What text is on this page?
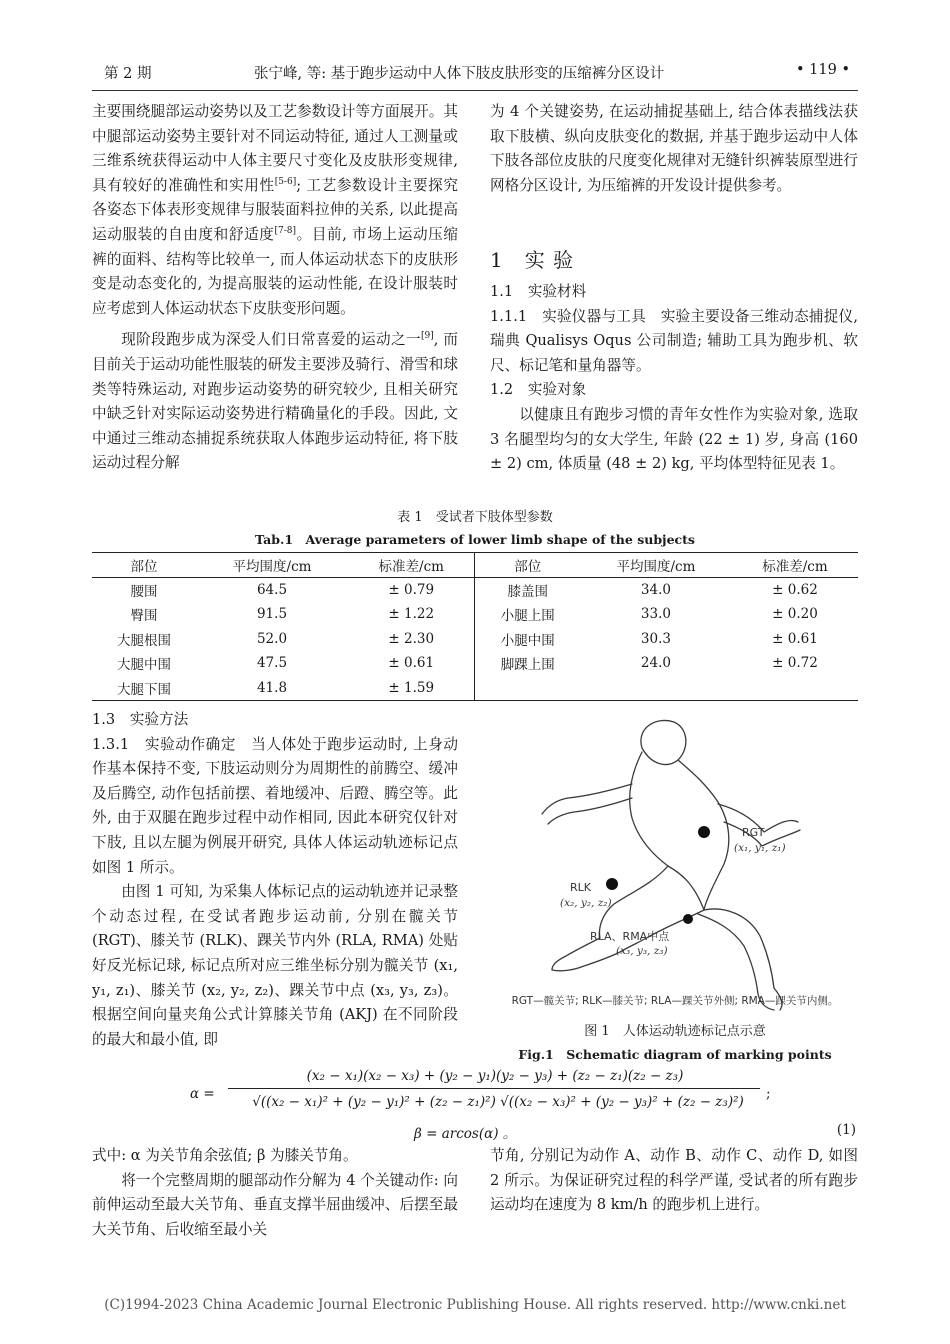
第 2 期	张宁峰, 等: 基于跑步运动中人体下肢皮肤形变的压缩裤分区设计	• 119 •

主要围绕腿部运动姿势以及工艺参数设计等方面展开。其中腿部运动姿势主要针对不同运动特征, 通过人工测量或三维系统获得运动中人体主要尺寸变化及皮肤形变规律, 具有较好的准确性和实用性[5-6]; 工艺参数设计主要探究各姿态下体表形变规律与服装面料拉伸的关系, 以此提高运动服装的自由度和舒适度[7-8]。目前, 市场上运动压缩裤的面料、结构等比较单一, 而人体运动状态下的皮肤形变是动态变化的, 为提高服装的运动性能, 在设计服装时应考虑到人体运动状态下皮肤变形问题。

现阶段跑步成为深受人们日常喜爱的运动之一[9], 而目前关于运动功能性服装的研发主要涉及骑行、滑雪和球类等特殊运动, 对跑步运动姿势的研究较少, 且相关研究中缺乏针对实际运动姿势进行精确量化的手段。因此, 文中通过三维动态捕捉系统获取人体跑步运动特征, 将下肢运动过程分解

为 4 个关键姿势, 在运动捕捉基础上, 结合体表描线法获取下肢横、纵向皮肤变化的数据, 并基于跑步运动中人体下肢各部位皮肤的尺度变化规律对无缝针织裤装原型进行网格分区设计, 为压缩裤的开发设计提供参考。

1　实 验

1.1　实验材料

1.1.1　实验仪器与工具　 实验主要设备三维动态捕捉仪, 瑞典 Qualisys Oqus 公司制造; 辅助工具为跑步机、软尺、标记笔和量角器等。

1.2　实验对象

以健康且有跑步习惯的青年女性作为实验对象, 选取 3 名腿型均匀的女大学生, 年龄 (22 ± 1) 岁, 身高 (160 ± 2) cm, 体质量 (48 ± 2) kg, 平均体型特征见表 1。

表 1　受试者下肢体型参数
Tab.1　Average parameters of lower limb shape of the subjects
部位	平均围度/cm	标准差/cm	部位	平均围度/cm	标准差/cm
腰围	64.5	± 0.79	膝盖围	34.0	± 0.62
臀围	91.5	± 1.22	小腿上围	33.0	± 0.20
大腿根围	52.0	± 2.30	小腿中围	30.3	± 0.61
大腿中围	47.5	± 0.61	脚踝上围	24.0	± 0.72
大腿下围	41.8	± 1.59			

1.3　实验方法

1.3.1　实验动作确定　 当人体处于跑步运动时, 上身动作基本保持不变, 下肢运动则分为周期性的前腾空、缓冲及后腾空, 动作包括前摆、着地缓冲、后蹬、腾空等。此外, 由于双腿在跑步过程中动作相同, 因此本研究仅针对下肢, 且以左腿为例展开研究, 具体人体运动轨迹标记点如图 1 所示。

由图 1 可知, 为采集人体标记点的运动轨迹并记录整个动态过程, 在受试者跑步运动前, 分别在髋关节 (RGT)、膝关节 (RLK)、踝关节内外 (RLA, RMA) 处贴好反光标记球, 标记点所对应三维坐标分别为髋关节 (x₁, y₁, z₁)、膝关节 (x₂, y₂, z₂)、踝关节中点 (x₃, y₃, z₃)。根据空间向量夹角公式计算膝关节角 (AKJ) 在不同阶段的最大和最小值, 即

RGT
(x₁, y₁, z₁)
RLK
(x₂, y₂, z₂)
RLA、RMA中点
(x₃, y₃, z₃)
RGT—髋关节; RLK—膝关节; RLA—踝关节外侧; RMA—踝关节内侧。
图 1　人体运动轨迹标记点示意
Fig.1　Schematic diagram of marking points
α =
(x₂ − x₁)(x₂ − x₃) + (y₂ − y₁)(y₂ − y₃) + (z₂ − z₁)(z₂ − z₃)
√((x₂ − x₁)² + (y₂ − y₁)² + (z₂ − z₁)²) √((x₂ − x₃)² + (y₂ − y₃)² + (z₂ − z₃)²)	;
β = arcos(α) 。	(1)

式中: α 为关节角余弦值; β 为膝关节角。

将一个完整周期的腿部动作分解为 4 个关键动作: 向前伸运动至最大关节角、垂直支撑半屈曲缓冲、后摆至最大关节角、后收缩至最小关

节角, 分别记为动作 A、动作 B、动作 C、动作 D, 如图 2 所示。为保证研究过程的科学严谨, 受试者的所有跑步运动均在速度为 8 km/h 的跑步机上进行。

(C)1994-2023 China Academic Journal Electronic Publishing House. All rights reserved. http://www.cnki.net
